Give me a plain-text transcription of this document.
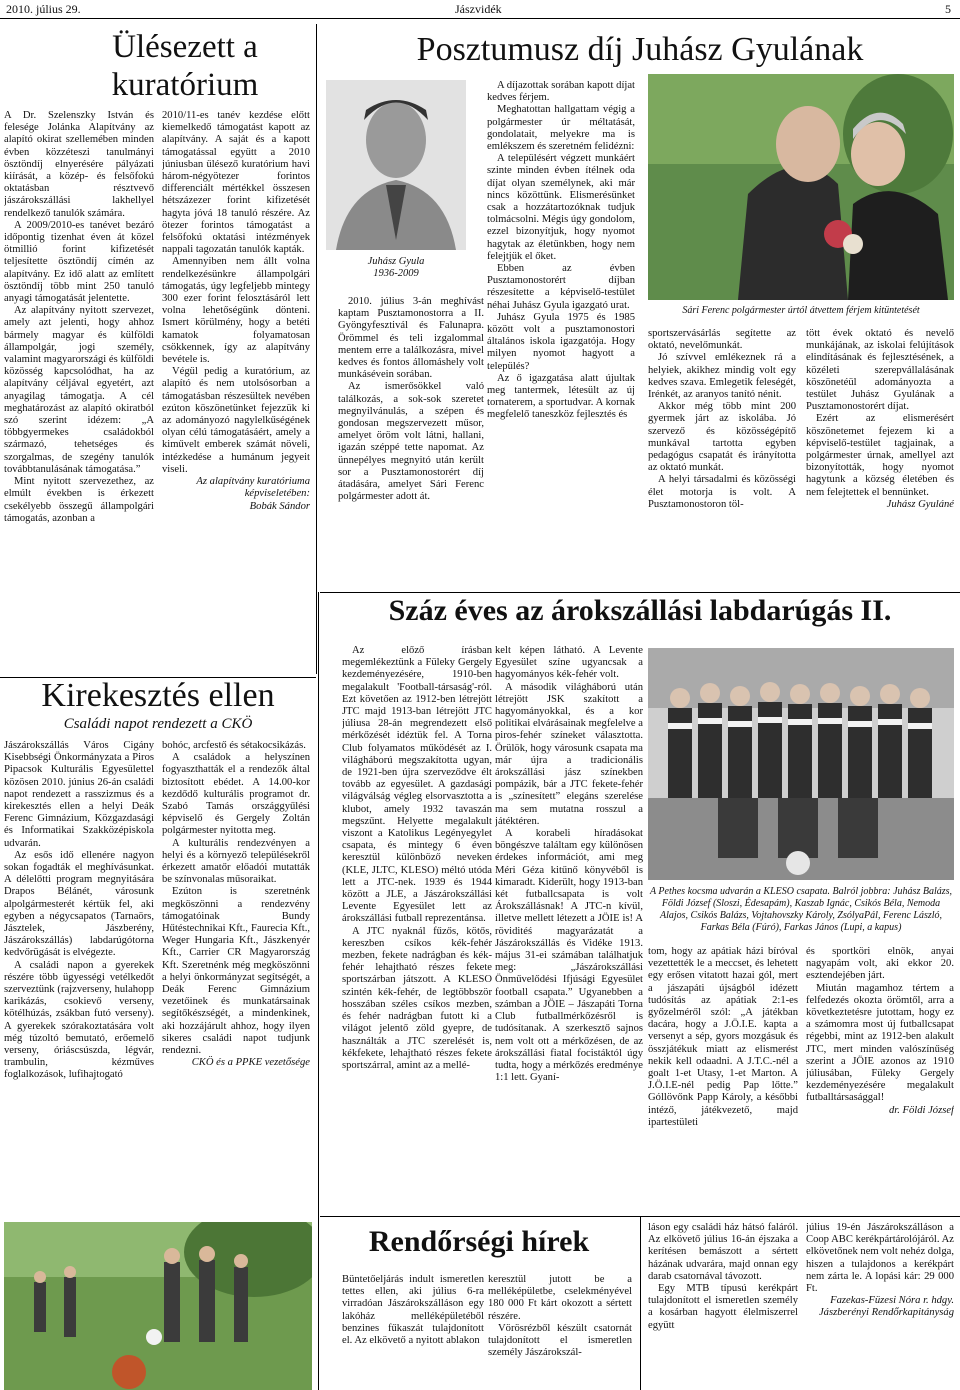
2010. július 29.	Jászvidék	5
Ülésezett a
kuratórium

A Dr. Szelenszky István és felesége Jolánka Alapítvány az alapító okirat szellemében minden évben közzéteszi tanulmányi ösztöndíj elnyerésére pályázati kiírását, a közép- és felsőfokú oktatásban résztvevő jászárokszállási lakhellyel rendelkező tanulók számára.

A 2009/2010-es tanévet bezáró időpontig tizenhat éven át közel ötmillió forint kifizetését teljesítette ösztöndíj címén az alapítvány. Ez idő alatt az említett ösztöndíj több mint 250 tanuló anyagi támogatását jelentette.

Az alapítvány nyitott szervezet, amely azt jelenti, hogy ahhoz bármely magyar és külföldi állampolgár, jogi személy, valamint magyarországi és külföldi közösség kapcsolódhat, ha az alapítvány céljával egyetért, azt anyagilag támogatja. A cél meghatározást az alapító okiratból szó szerint idézem: „A többgyermekes családokból származó, tehetséges és szorgalmas, de szegény tanulók továbbtanulásának támogatása.”

Mint nyitott szervezethez, az elmúlt években is érkezett csekélyebb összegű állampolgári támogatás, azonban a

2010/11-es tanév kezdése előtt kiemelkedő támogatást kapott az alapítvány. A saját és a kapott támogatással együtt a 2010 júniusban ülésező kuratórium havi három-négyötezer forintos differenciált mértékkel összesen hétszázezer forint kifizetését hagyta jóvá 18 tanuló részére. Az ötezer forintos támogatást a felsőfokú oktatási intézmények nappali tagozatán tanulók kapták.

Amennyiben nem állt volna rendelkezésünkre állampolgári támogatás, úgy legfeljebb mintegy 300 ezer forint felosztásáról lett volna lehetőségünk dönteni. Ismert körülmény, hogy a betéti kamatok folyamatosan csökkennek, így az alapítvány bevétele is.

Végül pedig a kuratórium, az alapító és nem utolsósorban a támogatásban részesültek nevében ezúton köszönetünket fejezzük ki az adományozó nagylelkűségének olyan célú támogatásáért, amely a kiművelt emberek számát növeli, intézkedése a humánum jegyeit viseli.

Az alapítvány kuratóriuma képviseletében:

Bobák Sándor

Posztumusz díj Juhász Gyulának
Juhász Gyula
1936-2009

2010. július 3-án meghívást kaptam Pusztamonostorra a II. Gyöngyfesztivál és Falunapra. Örömmel és teli izgalommal mentem erre a találkozásra, mivel kedves és fontos állomáshely volt munkásévein sorában.

Az ismerősökkel való találkozás, a sok-sok szeretet megnyilvánulás, a szépen és gondosan megszervezett műsor, amelyet öröm volt látni, hallani, igazán széppé tette napomat. Az ünnepélyes megnyitó után került sor a Pusztamonostorért díj átadására, amelyet Sári Ferenc polgármester adott át.

A díjazottak sorában kapott díjat kedves férjem.

Meghatottan hallgattam végig a polgármester úr méltatását, gondolatait, melyekre ma is emlékszem és szeretném felidézni:

A településért végzett munkáért szinte minden évben ítélnek oda díjat olyan személynek, aki már nincs közöttünk. Elismerésünket csak a hozzátartozóknak tudjuk tolmácsolni. Mégis úgy gondolom, ezzel bizonyítjuk, hogy nyomot hagytak az életünkben, hogy nem felejtjük el őket.

Ebben az évben Pusztamonostorért díjban részesítette a képviselő-testület néhai Juhász Gyula igazgató urat.

Juhász Gyula 1975 és 1985 között volt a pusztamonostori általános iskola igazgatója. Hogy milyen nyomot hagyott a település?

Az ő igazgatása alatt újultak meg tantermek, létesült az új tornaterem, a sportudvar. A kornak megfelelő taneszköz fejlesztés és

Sári Ferenc polgármester úrtól átvettem férjem kitüntetését

sportszervásárlás segítette az oktató, nevelőmunkát.

Jó szívvel emlékeznek rá a helyiek, akikhez mindig volt egy kedves szava. Emlegetik feleségét, Irénkét, az aranyos tanító nénit.

Akkor még több mint 200 gyermek járt az iskolába. Jó szervező és közösségépítő munkával tartotta egyben pedagógus csapatát és irányította az oktató munkát.

A helyi társadalmi és közösségi élet motorja is volt. A Pusztamonostoron töl-

tött évek oktató és nevelő munkájának, az iskolai felújítások elindításának és fejlesztésének, a közéleti szerepvállalásának köszönetéül adományozta a testület Juhász Gyulának a Pusztamonostorért díjat.

Ezért az elismerésért köszönetemet fejezem ki a képviselő-testület tagjainak, a polgármester úrnak, amellyel azt bizonyították, hogy nyomot hagytunk a község életében és nem felejtettek el bennünket.

Juhász Gyuláné

Száz éves az árokszállási labdarúgás II.

Az előző írásban megemlékeztünk a Füleky Gergely kezdeményezésére, 1910-ben megalakult 'Football-társaság'-ról. Ezt követően az 1912-ben létrejött JTC majd 1913-ban létrejött JTC júliusa 28-án megrendezett első mérkőzését idéztük fel. A Torna Club folyamatos működését az I. világháború megszakította ugyan, de 1921-ben újra szerveződve élt tovább az egyesület. A gazdasági világválság végleg elsorvasztotta a klubot, amely 1932 tavaszán megszűnt. Helyette megalakult viszont a Katolikus Legényegylet csapata, és mintegy 6 éven keresztül különböző neveken (KLE, JLTC, KLESO) méltó utóda lett a JTC-nek. 1939 és 1944 között a JLE, a Jászárokszállási Levente Egyesület lett az árokszállási futball reprezentánsa.

A JTC nyaknál fűzős, kötős, kereszben csíkos kék-fehér mezben, fekete nadrágban és kék-fehér lehajtható részes fekete sportszárban játszott. A KLESO szintén kék-fehér, de legtöbbször hosszában széles csíkos mezben, és fehér nadrágban futott ki a világot jelentő zöld gyepre, de használták a JTC szerelését is, kékfekete, lehajtható részes fekete sportszárral, amint az a mellé-

kelt képen látható. A Levente Egyesület színe ugyancsak a hagyományos kék-fehér volt.

A második világháború után létrejött JSK szakított a hagyományokkal, és a kor politikai elvárásainak megfelelve a piros-fehér színeket választotta. Örülök, hogy városunk csapata ma már újra a tradicionális árokszállási jász színekben pompázik, bár a JTC fekete-fehér is „színesített” elegáns szerelése ma sem mutatna rosszul a játéktéren.

A korabeli híradásokat böngészve találtam egy különösen érdekes információt, ami meg Méri Géza kitűnő könyvéből is kimaradt. Kiderült, hogy 1913-ban két futballcsapata is volt Árokszállásnak! A JTC-n kívül, illetve mellett létezett a JÖIE is! A röviditéś magyarázatát a Jászárokszállás és Vidéke 1913. május 31-ei számában találhatjuk meg: „Jászárokszállási Önművelődési Ifjúsági Egyesület football csapata.” Ugyanebben a számban a JÖIE – Jászapáti Torna Club futballmérkőzésről is tudósítanak. A szerkesztő sajnos nem volt ott a mérkőzésen, de az árokszállási fiatal focistáktól úgy tudta, hogy a mérkőzés eredménye 1:1 lett. Gyaní-

A Pethes kocsma udvarán a KLESO csapata. Balról jobbra: Juhász Balázs, Földi József (Sloszi, Édesapám), Kaszab Ignác, Csikós Béla, Nemoda Alajos, Csikós Balázs, Vojtahovszky Károly, ZsólyaPál, Ferenc László, Farkas Béla (Fúró), Farkas János (Lupi, a kapus)

tom, hogy az apátiak házi bíróval vezettették le a meccset, és lehetett egy erősen vitatott hazai gól, mert a jászapáti újságból idézett tudósítás az apátiak 2:1-es győzelméről szól: „A játékban dacára, hogy a J.Ö.I.E. kapta a versenyt a sép, gyors mozgásuk és összjátékuk miatt az elismerést nekik kell odaadni. A J.T.C.-nél a goalt 1-et Utasy, 1-et Marton. A J.Ö.I.E-nél pedig Pap lőtte.” Góllövőnk Papp Károly, a későbbi intéző, játékvezető, majd ipartestületi

és sportköri elnök, anyai nagyapám volt, aki ekkor 20. esztendejében járt.

Miután magamhoz tértem a felfedezés okozta örömtől, arra a következtetésre jutottam, hogy ez a számomra most új futballcsapat régebbi, mint az 1912-ben alakult JTC, mert minden valószínűség szerint a JÖIE azonos az 1910 júliusában, Füleky Gergely kezdeményezésére megalakult futballtársasággal!

dr. Földi József

Kirekesztés ellen
Családi napot rendezett a CKÖ

Jászárokszállás Város Cigány Kisebbségi Önkormányzata a Piros Pipacsok Kulturális Egyesülettel közösen 2010. június 26-án családi napot rendezett a rasszizmus és a kirekesztés ellen a helyi Deák Ferenc Gimnázium, Közgazdasági és Informatikai Szakközépiskola udvarán.

Az esős idő ellenére nagyon sokan fogadták el meghívásunkat. A délelőtti program megnyitására Drapos Bélánét, városunk alpolgármesterét kértük fel, aki egyben a négycsapatos (Tarnaörs, Jásztelek, Jászberény, Jászárokszállás) labdarúgótorna kedvőrügását is elvégezte.

A családi napon a gyerekek részére több ügyességi vetélkedőt szerveztünk (rajzverseny, hulahopp karikázás, csokievő verseny, kötélhúzás, zsákban futó verseny). A gyerekek szórakoztatására volt még túzoltó bemutató, erőemelő verseny, óriáscsúszda, légvár, trambulin, kézműves foglalkozások, lufihajtogató

bohóc, arcfestő és sétakocsikázás.

A családok a helyszínen fogyaszthatták el a rendezők által biztosított ebédet. A 14.00-kor kezdődő kulturális programot dr. Szabó Tamás országgyűlési képviselő és Gergely Zoltán polgármester nyitotta meg.

A kulturális rendezvényen a helyi és a környező településekről érkezett amatőr előadói mutatták be színvonalas műsoraikat.

Ezúton is szeretnénk megköszönni a rendezvény támogatóinak Bundy Hűtéstechnikai Kft., Faurecia Kft., Weger Hungaria Kft., Jászkenyér Kft., Carrier CR Magyarország Kft. Szeretnénk még megköszönni a helyi önkormányzat segítségét, a Deák Ferenc Gimnázium vezetőinek és munkatársainak segítőkészségét, a mindenkinek, aki hozzájárult ahhoz, hogy ilyen sikeres családi napot tudjunk rendezni.

CKÖ és a PPKE vezetősége

Rendőrségi hírek

Büntetőeljárás indult ismeretlen tettes ellen, aki július 6-ra virradóan Jászárokszálláson egy lakóház melléképületéből benzines fűkaszát tulajdonított el. Az elkövető a nyitott ablakon

keresztül jutott be a melléképületbe, cselekményével 180 000 Ft kárt okozott a sértett részére.

Vörösrézből készült csatornát tulajdonított el ismeretlen személy Jászárokszál-

láson egy családi ház hátsó faláról. Az elkövető július 16-án éjszaka a kerítésen bemászott a sértett házának udvarára, majd onnan egy darab csatornával távozott.

Egy MTB típusú kerékpárt tulajdonított el ismeretlen személy a kosárban hagyott élelmiszerrel együtt

július 19-én Jászárokszálláson a Coop ABC kerékpártárolójáról. Az elkövetőnek nem volt nehéz dolga, hiszen a tulajdonos a kerékpárt nem zárta le. A lopási kár: 29 000 Ft.

Fazekas-Füzesi Nóra r. hdgy.

Jászberényi Rendőrkapitányság
